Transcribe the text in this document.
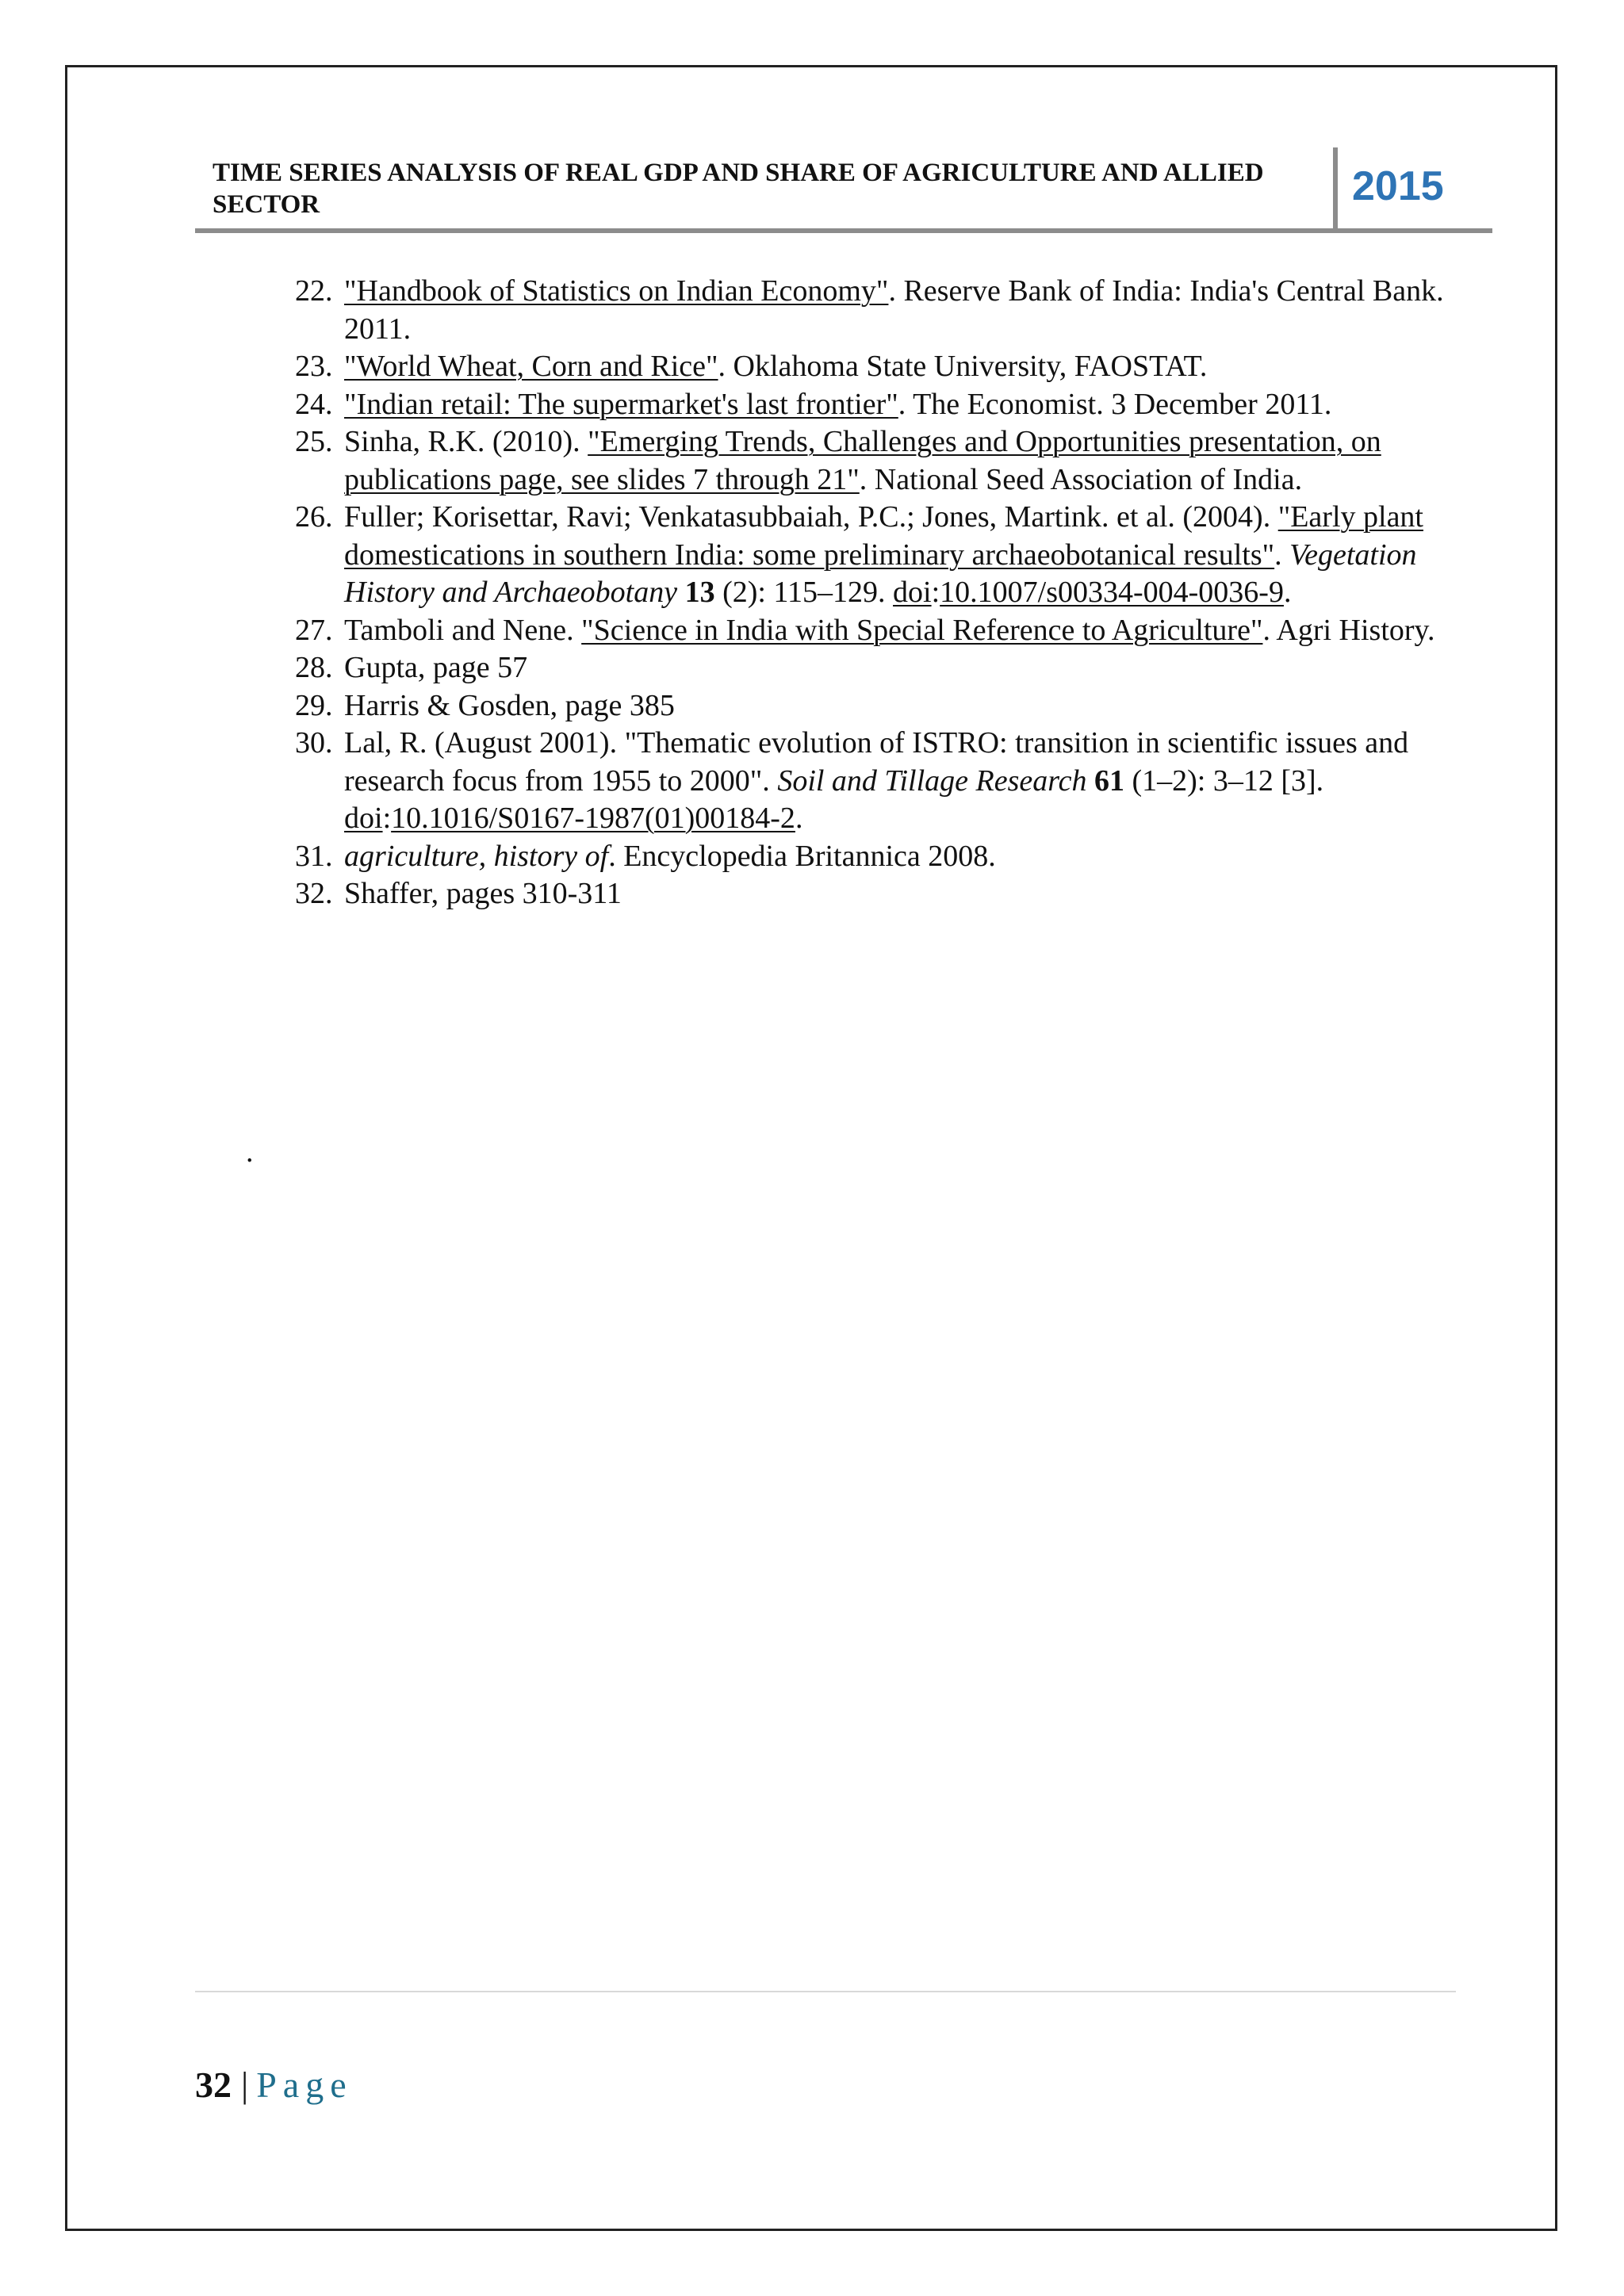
TIME SERIES ANALYSIS OF REAL GDP AND SHARE OF AGRICULTURE AND ALLIED SECTOR	2015
22. "Handbook of Statistics on Indian Economy". Reserve Bank of India: India's Central Bank. 2011.
23. "World Wheat, Corn and Rice". Oklahoma State University, FAOSTAT.
24. "Indian retail: The supermarket's last frontier". The Economist. 3 December 2011.
25. Sinha, R.K. (2010). "Emerging Trends, Challenges and Opportunities presentation, on publications page, see slides 7 through 21". National Seed Association of India.
26. Fuller; Korisettar, Ravi; Venkatasubbaiah, P.C.; Jones, Martink. et al. (2004). "Early plant domestications in southern India: some preliminary archaeobotanical results". Vegetation History and Archaeobotany 13 (2): 115–129. doi:10.1007/s00334-004-0036-9.
27. Tamboli and Nene. "Science in India with Special Reference to Agriculture". Agri History.
28. Gupta, page 57
29. Harris & Gosden, page 385
30. Lal, R. (August 2001). "Thematic evolution of ISTRO: transition in scientific issues and research focus from 1955 to 2000". Soil and Tillage Research 61 (1–2): 3–12 [3]. doi:10.1016/S0167-1987(01)00184-2.
31. agriculture, history of. Encyclopedia Britannica 2008.
32. Shaffer, pages 310-311
.
32 | Page
